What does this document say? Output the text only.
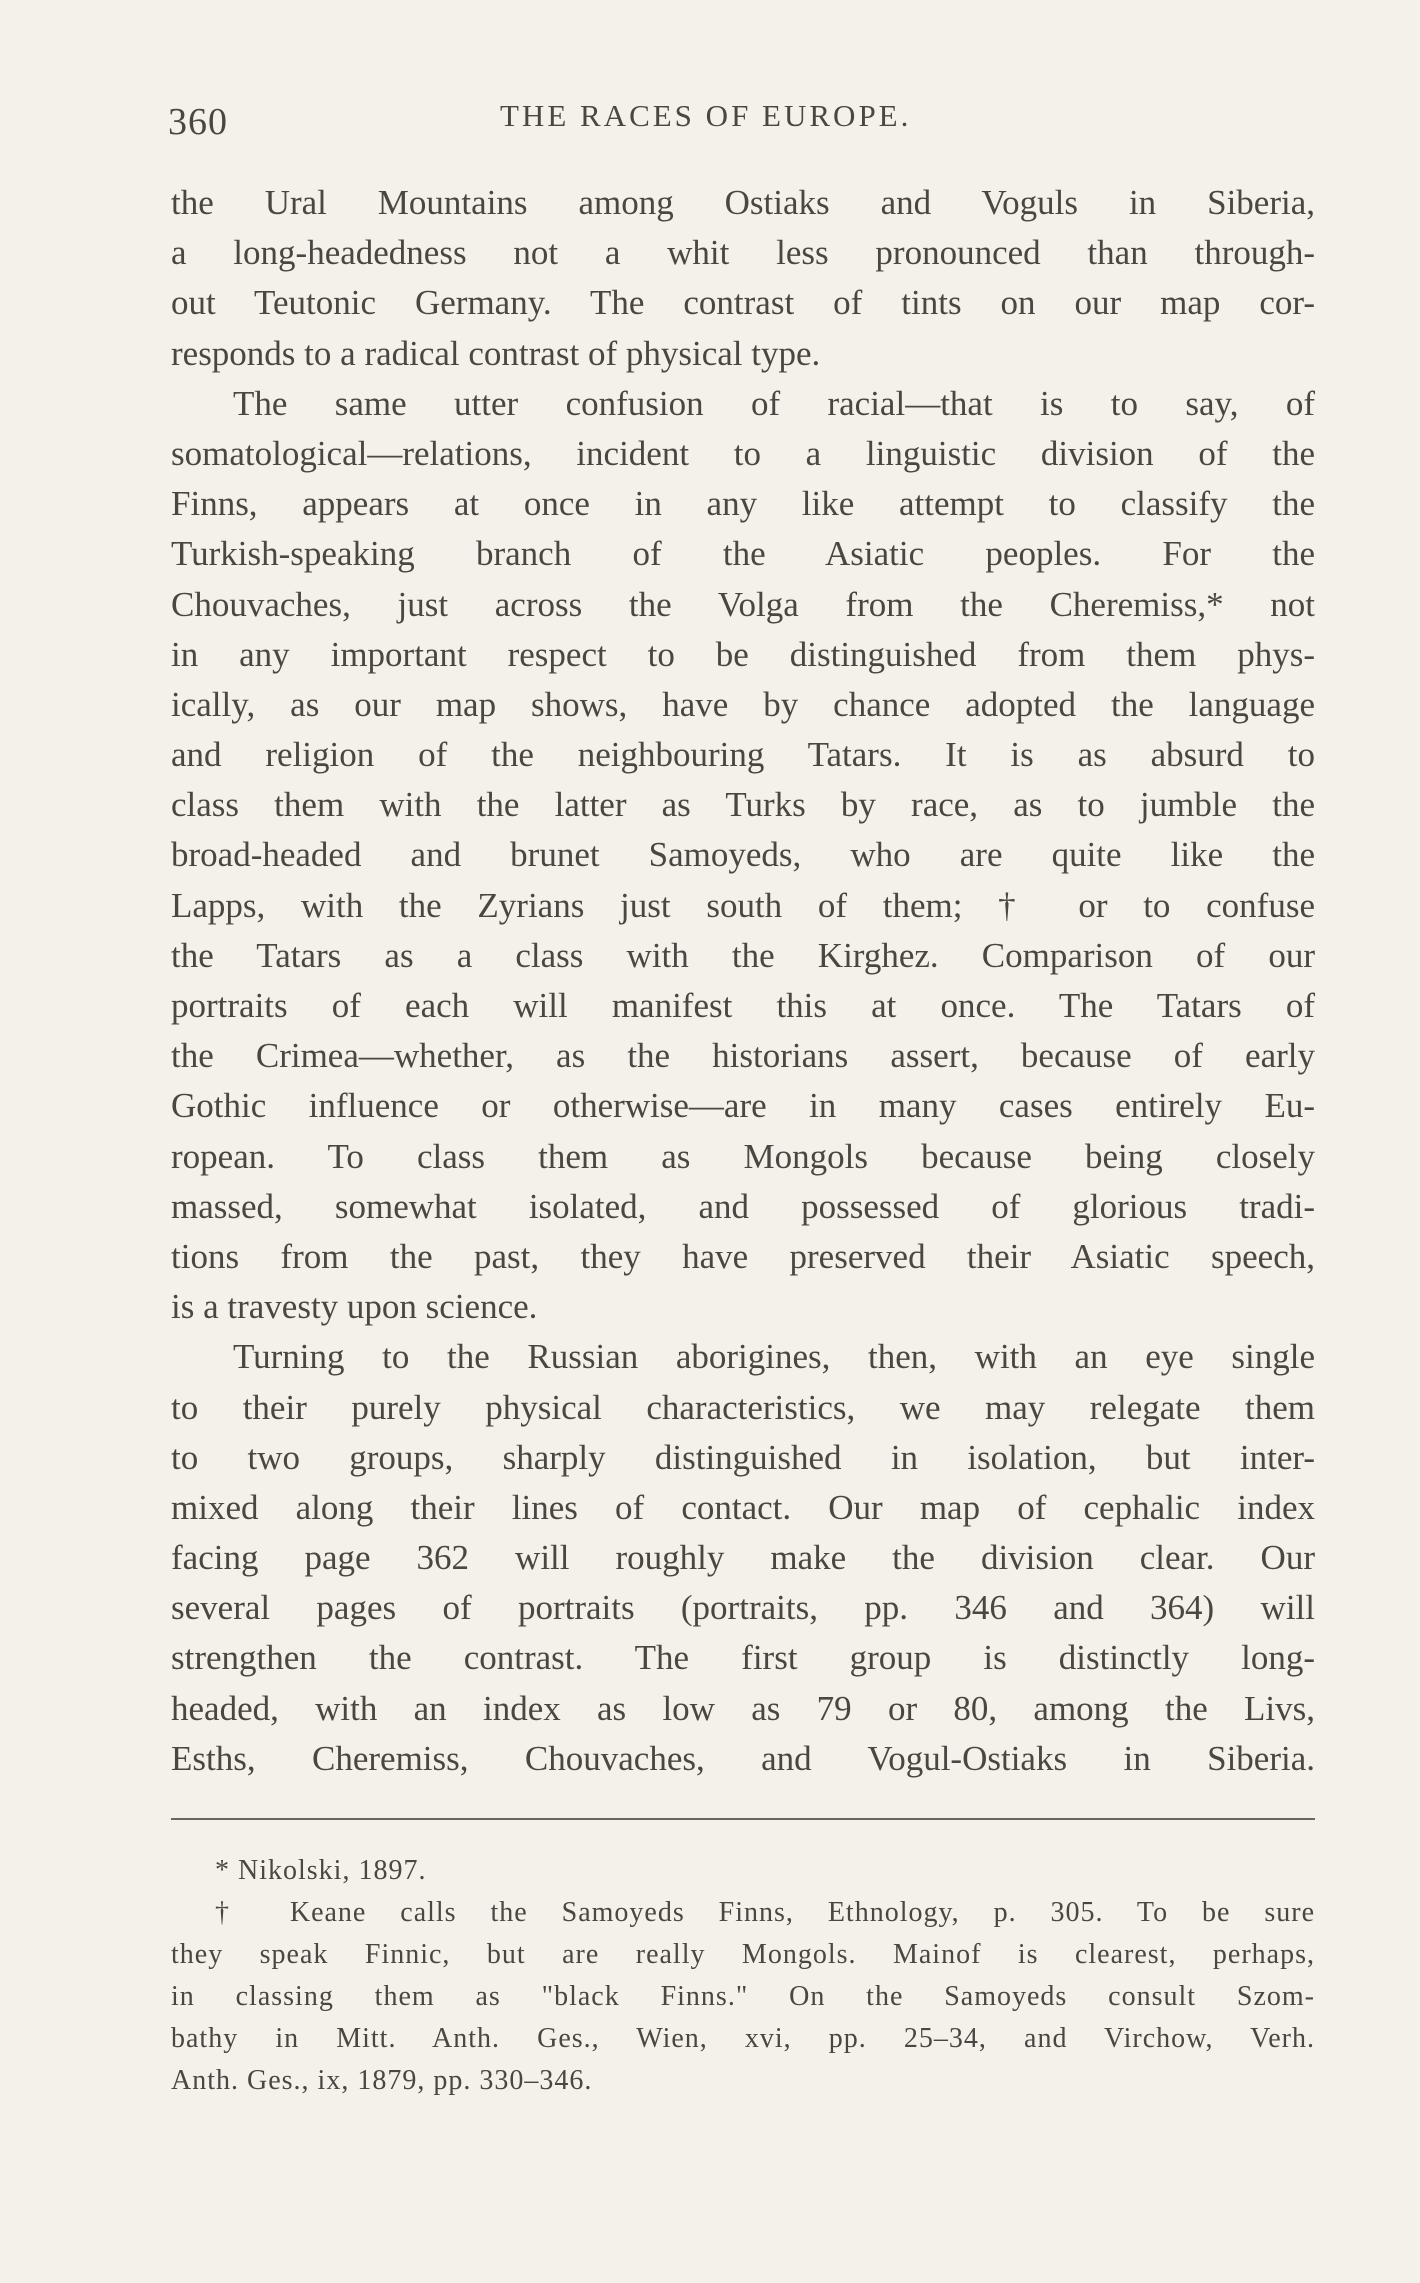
360	THE RACES OF EUROPE.
the Ural Mountains among Ostiaks and Voguls in Siberia,
a long-headedness not a whit less pronounced than through-
out Teutonic Germany. The contrast of tints on our map cor-
responds to a radical contrast of physical type.
The same utter confusion of racial—that is to say, of
somatological—relations, incident to a linguistic division of the
Finns, appears at once in any like attempt to classify the
Turkish-speaking branch of the Asiatic peoples. For the
Chouvaches, just across the Volga from the Cheremiss,* not
in any important respect to be distinguished from them phys-
ically, as our map shows, have by chance adopted the language
and religion of the neighbouring Tatars. It is as absurd to
class them with the latter as Turks by race, as to jumble the
broad-headed and brunet Samoyeds, who are quite like the
Lapps, with the Zyrians just south of them; † or to confuse
the Tatars as a class with the Kirghez. Comparison of our
portraits of each will manifest this at once. The Tatars of
the Crimea—whether, as the historians assert, because of early
Gothic influence or otherwise—are in many cases entirely Eu-
ropean. To class them as Mongols because being closely
massed, somewhat isolated, and possessed of glorious tradi-
tions from the past, they have preserved their Asiatic speech,
is a travesty upon science.
Turning to the Russian aborigines, then, with an eye single
to their purely physical characteristics, we may relegate them
to two groups, sharply distinguished in isolation, but inter-
mixed along their lines of contact. Our map of cephalic index
facing page 362 will roughly make the division clear. Our
several pages of portraits (portraits, pp. 346 and 364) will
strengthen the contrast. The first group is distinctly long-
headed, with an index as low as 79 or 80, among the Livs,
Esths, Cheremiss, Chouvaches, and Vogul-Ostiaks in Siberia.
* Nikolski, 1897.
† Keane calls the Samoyeds Finns, Ethnology, p. 305. To be sure
they speak Finnic, but are really Mongols. Mainof is clearest, perhaps,
in classing them as "black Finns." On the Samoyeds consult Szom-
bathy in Mitt. Anth. Ges., Wien, xvi, pp. 25–34, and Virchow, Verh.
Anth. Ges., ix, 1879, pp. 330–346.
